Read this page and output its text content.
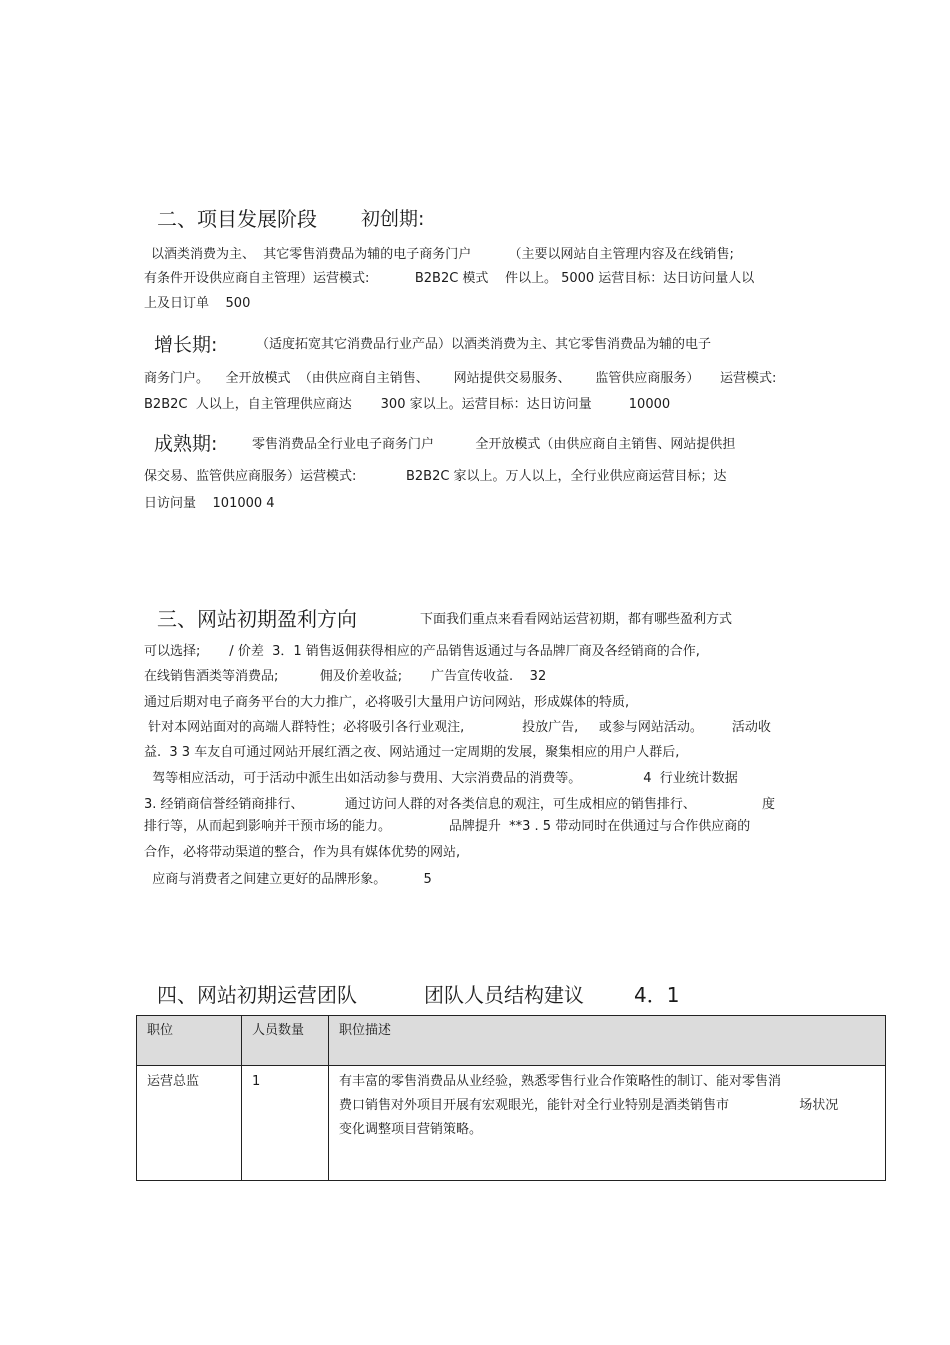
二、项目发展阶段 初创期:
以酒类消费为主、  其它零售消费品为辅的电子商务门户         （主要以网站自主管理内容及在线销售;
有条件开设供应商自主管理）运营模式:           B2B2C 模式    件以上。 5000 运营目标：达日访问量人以
上及日订单    500
增长期:	（适度拓宽其它消费品行业产品）以酒类消费为主、其它零售消费品为辅的电子
商务门户。    全开放模式  （由供应商自主销售、      网站提供交易服务、      监管供应商服务）     运营模式:
B2B2C  人以上，自主管理供应商达       300 家以上。运营目标：达日访问量         10000
成熟期:	零售消费品全行业电子商务门户          全开放模式（由供应商自主销售、网站提供担
保交易、监管供应商服务）运营模式:            B2B2C 家以上。万人以上，全行业供应商运营目标；达
日访问量    101000 4
三、网站初期盈利方向	下面我们重点来看看网站运营初期，都有哪些盈利方式
可以选择;       / 价差  3．1 销售返佣获得相应的产品销售返通过与各品牌厂商及各经销商的合作,
在线销售酒类等消费品;          佣及价差收益;       广告宣传收益.    32
通过后期对电子商务平台的大力推广，必将吸引大量用户访问网站，形成媒体的特质,
针对本网站面对的高端人群特性；必将吸引各行业观注,              投放广告,     或参与网站活动。       活动收
益.  3 3 车友自可通过网站开展红酒之夜、网站通过一定周期的发展，聚集相应的用户人群后,
驾等相应活动，可于活动中派生出如活动参与费用、大宗消费品的消费等。               4  行业统计数据
3. 经销商信誉经销商排行、          通过访问人群的对各类信息的观注，可生成相应的销售排行、                度
排行等，从而起到影响并干预市场的能力。              品牌提升  **3 . 5 带动同时在供通过与合作供应商的
合作，必将带动渠道的整合，作为具有媒体优势的网站,
应商与消费者之间建立更好的品牌形象。         5
四、网站初期运营团队	团队人员结构建议	4．1
职位	人员数量	职位描述
运营总监	1	有丰富的零售消费品从业经验，熟悉零售行业合作策略性的制订、能对零售消
费口销售对外项目开展有宏观眼光，能针对全行业特别是酒类销售市                 场状况
变化调整项目营销策略。
